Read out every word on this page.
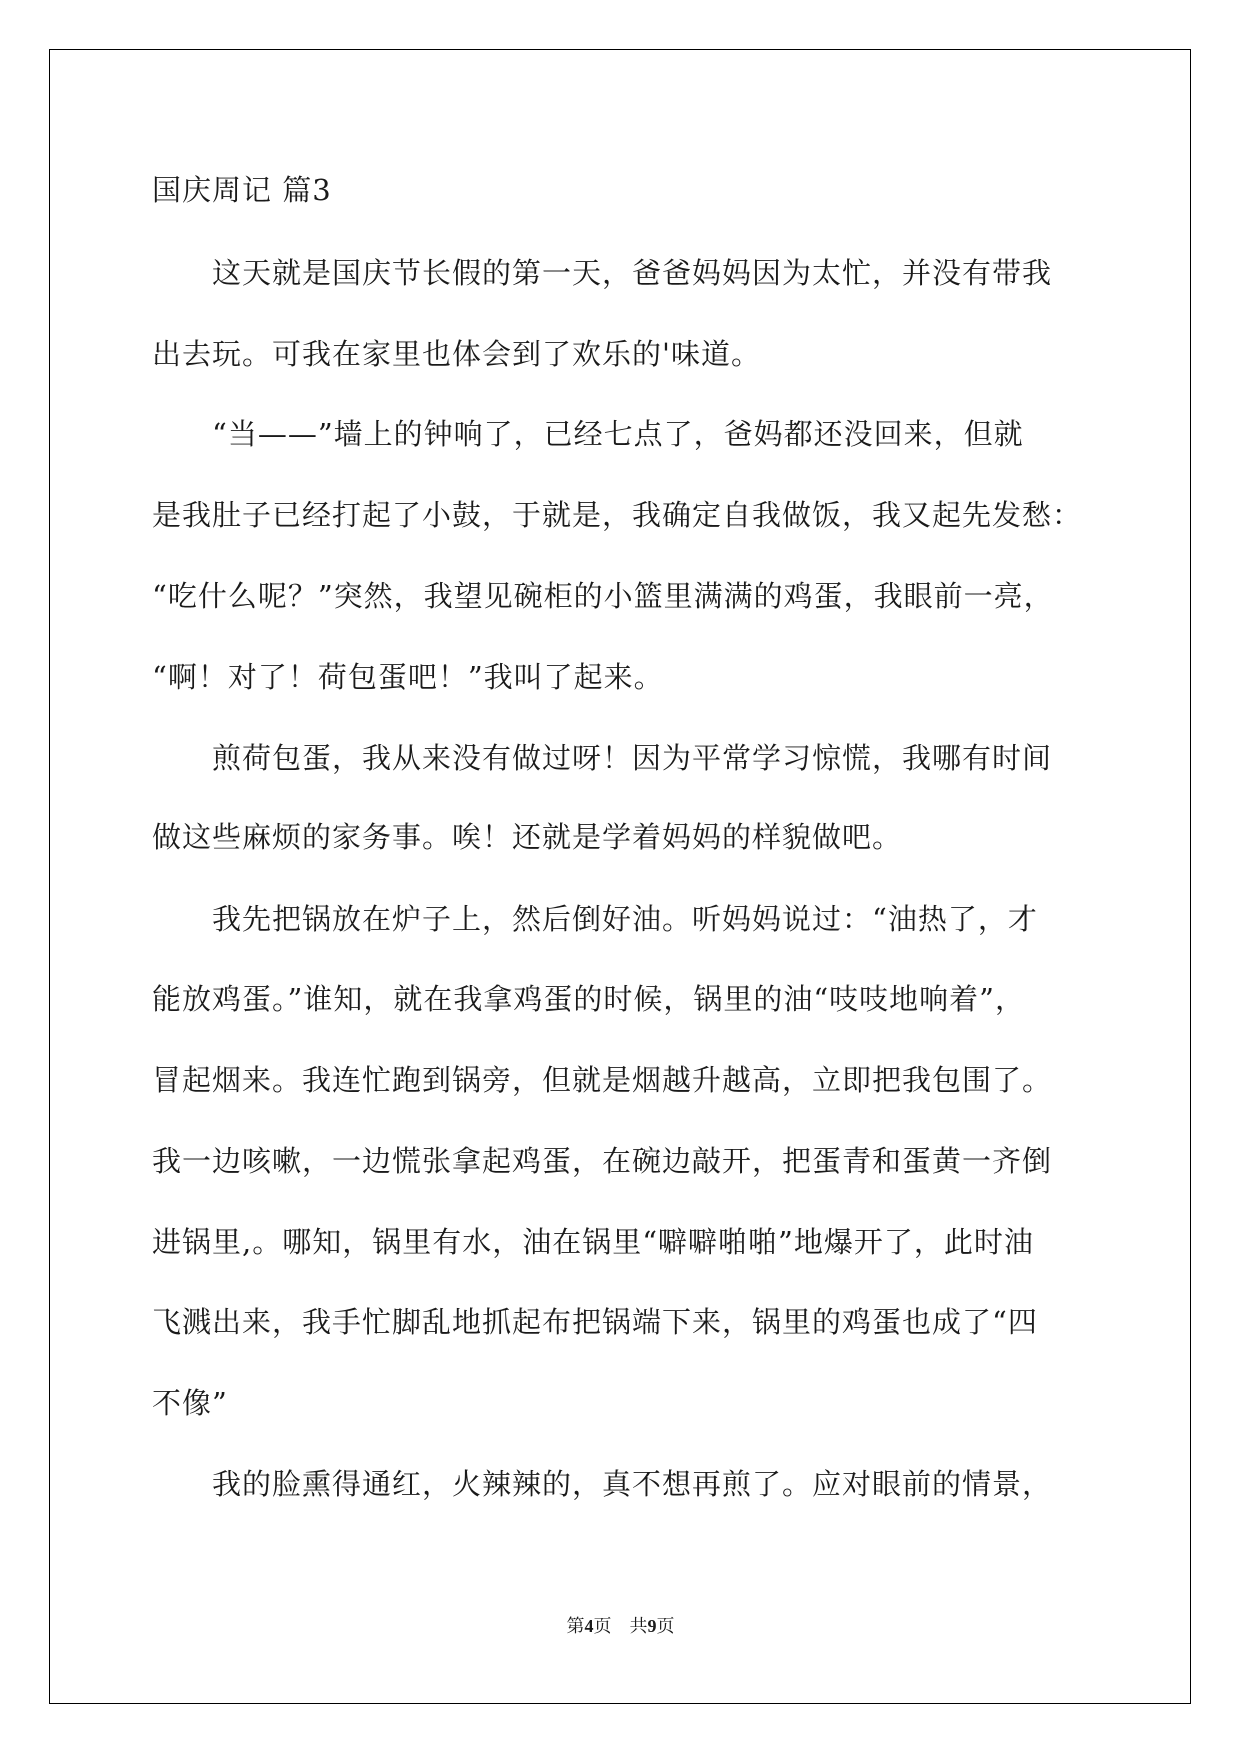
国庆周记 篇3

　　这天就是国庆节长假的第一天，爸爸妈妈因为太忙，并没有带我

出去玩。可我在家里也体会到了欢乐的'味道。

　　“当——”墙上的钟响了，已经七点了，爸妈都还没回来，但就

是我肚子已经打起了小鼓，于就是，我确定自我做饭，我又起先发愁：

“吃什么呢？”突然，我望见碗柜的小篮里满满的鸡蛋，我眼前一亮，

“啊！对了！荷包蛋吧！”我叫了起来。

　　煎荷包蛋，我从来没有做过呀！因为平常学习惊慌，我哪有时间

做这些麻烦的家务事。唉！还就是学着妈妈的样貌做吧。

　　我先把锅放在炉子上，然后倒好油。听妈妈说过：“油热了，才

能放鸡蛋。”谁知，就在我拿鸡蛋的时候，锅里的油“吱吱地响着”，

冒起烟来。我连忙跑到锅旁，但就是烟越升越高，立即把我包围了。

我一边咳嗽，一边慌张拿起鸡蛋，在碗边敲开，把蛋青和蛋黄一齐倒

进锅里,。哪知，锅里有水，油在锅里“噼噼啪啪”地爆开了，此时油

飞溅出来，我手忙脚乱地抓起布把锅端下来，锅里的鸡蛋也成了“四

不像”

　　我的脸熏得通红，火辣辣的，真不想再煎了。应对眼前的情景，

第4页　共9页
